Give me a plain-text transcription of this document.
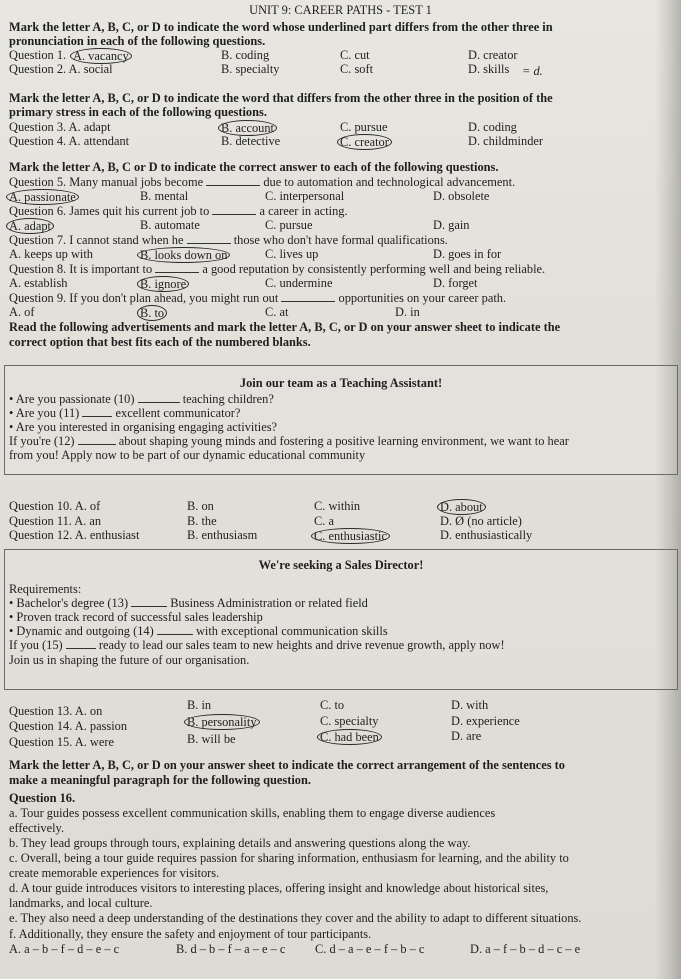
UNIT 9: CAREER PATHS - TEST 1
Mark the letter A, B, C, or D to indicate the word whose underlined part differs from the other three in
pronunciation in each of the following questions.
Question 1. A. vacancy	B. coding	C. cut	D. creator
Question 2. A. social	B. specialty	C. soft	D. skills = d.
Mark the letter A, B, C, or D to indicate the word that differs from the other three in the position of the
primary stress in each of the following questions.
Question 3. A. adapt	B. account	C. pursue	D. coding
Question 4. A. attendant	B. detective	C. creator	D. childminder
Mark the letter A, B, C or D to indicate the correct answer to each of the following questions.
Question 5. Many manual jobs become	due to automation and technological advancement.
A. passionate	B. mental	C. interpersonal	D. obsolete
Question 6. James quit his current job to	a career in acting.
A. adapt	B. automate	C. pursue	D. gain
Question 7. I cannot stand when he	those who don't have formal qualifications.
A. keeps up with	B. looks down on	C. lives up	D. goes in for
Question 8. It is important to	a good reputation by consistently performing well and being reliable.
A. establish	B. ignore	C. undermine	D. forget
Question 9. If you don't plan ahead, you might run out	opportunities on your career path.
A. of	B. to	C. at	D. in
Read the following advertisements and mark the letter A, B, C, or D on your answer sheet to indicate the
correct option that best fits each of the numbered blanks.
Join our team as a Teaching Assistant!
• Are you passionate (10)	teaching children?
• Are you (11)	excellent communicator?
• Are you interested in organising engaging activities?
If you're (12)	about shaping young minds and fostering a positive learning environment, we want to hear
from you! Apply now to be part of our dynamic educational community
Question 10. A. of	B. on	C. within	D. about
Question 11. A. an	B. the	C. a	D. Ø (no article)
Question 12. A. enthusiast	B. enthusiasm	C. enthusiastic	D. enthusiastically
We're seeking a Sales Director!
Requirements:
• Bachelor's degree (13)	Business Administration or related field
• Proven track record of successful sales leadership
• Dynamic and outgoing (14)	with exceptional communication skills
If you (15)	ready to lead our sales team to new heights and drive revenue growth, apply now!
Join us in shaping the future of our organisation.
Question 13. A. on	B. in	C. to	D. with
Question 14. A. passion	B. personality	C. specialty	D. experience
Question 15. A. were	B. will be	C. had been	D. are
Mark the letter A, B, C, or D on your answer sheet to indicate the correct arrangement of the sentences to
make a meaningful paragraph for the following question.
Question 16.
a. Tour guides possess excellent communication skills, enabling them to engage diverse audiences
effectively.
b. They lead groups through tours, explaining details and answering questions along the way.
c. Overall, being a tour guide requires passion for sharing information, enthusiasm for learning, and the ability to
create memorable experiences for visitors.
d. A tour guide introduces visitors to interesting places, offering insight and knowledge about historical sites,
landmarks, and local culture.
e. They also need a deep understanding of the destinations they cover and the ability to adapt to different situations.
f. Additionally, they ensure the safety and enjoyment of tour participants.
A. a – b – f – d – e – c	B. d – b – f – a – e – c C. d – a – e – f – b – c	D. a – f – b – d – c – e
